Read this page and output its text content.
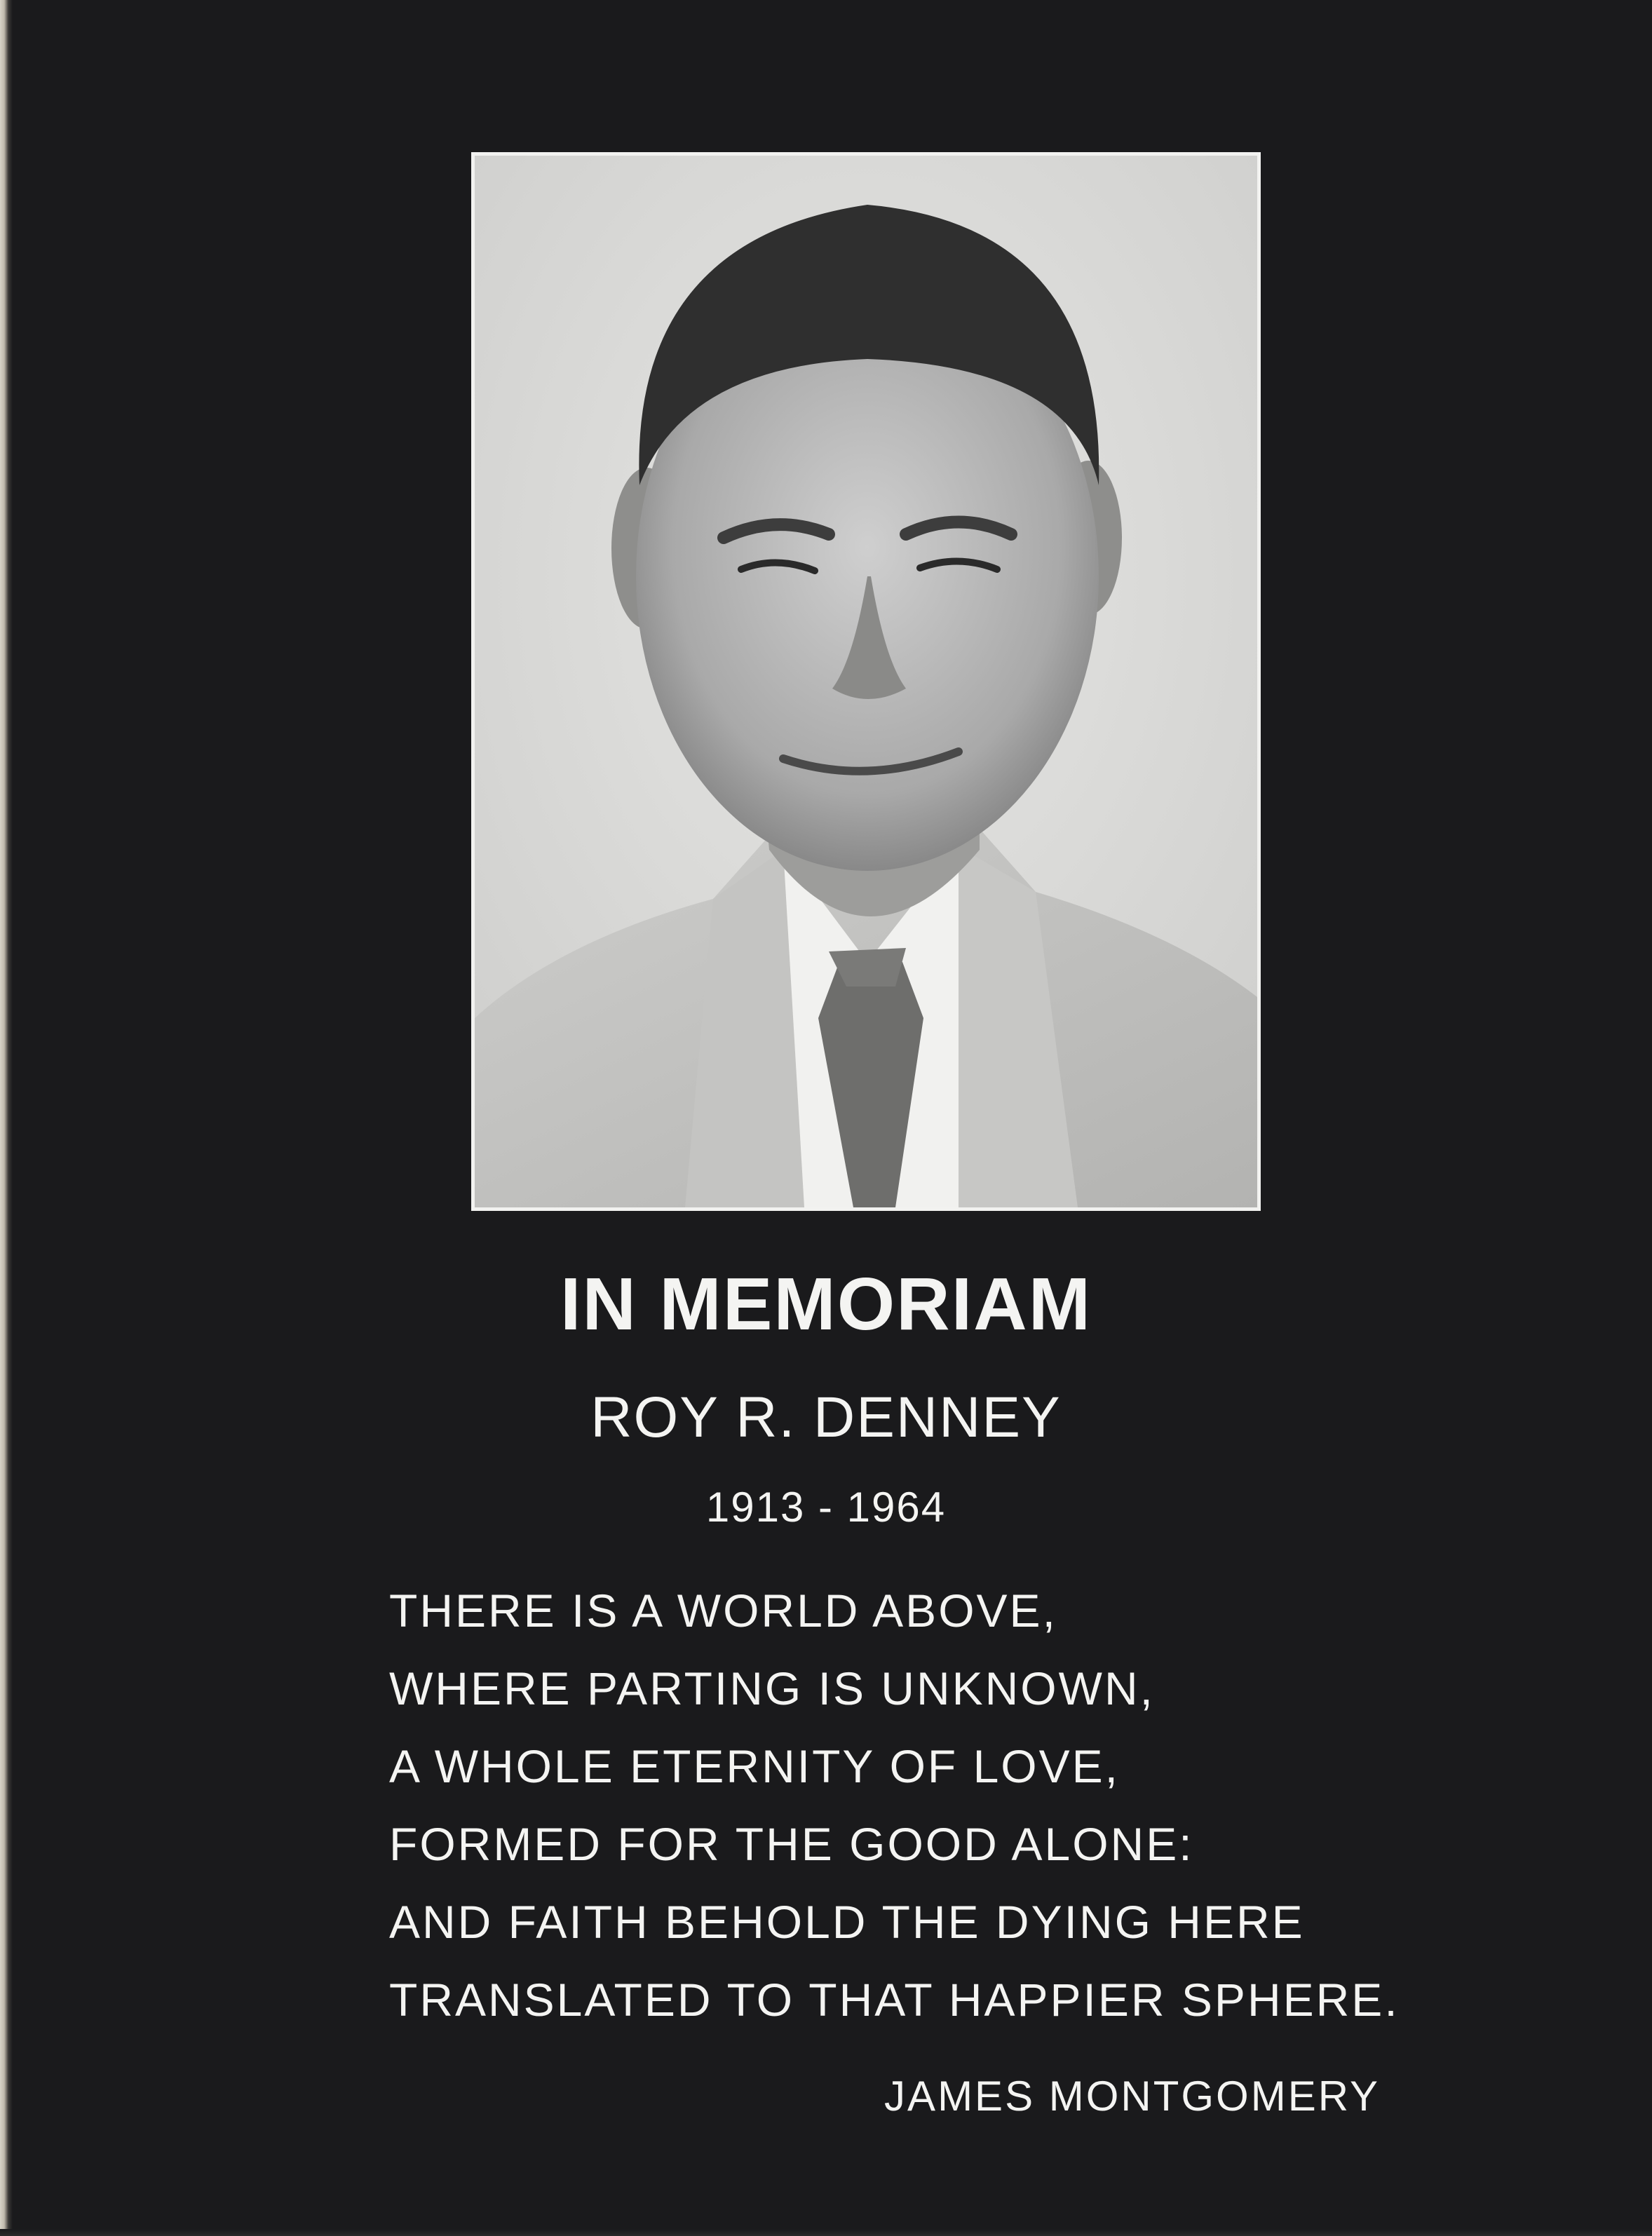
IN MEMORIAM
ROY R. DENNEY
1913 - 1964
THERE IS A WORLD ABOVE,
WHERE PARTING IS UNKNOWN,
A WHOLE ETERNITY OF LOVE,
FORMED FOR THE GOOD ALONE:
AND FAITH BEHOLD THE DYING HERE
TRANSLATED TO THAT HAPPIER SPHERE.
JAMES MONTGOMERY
